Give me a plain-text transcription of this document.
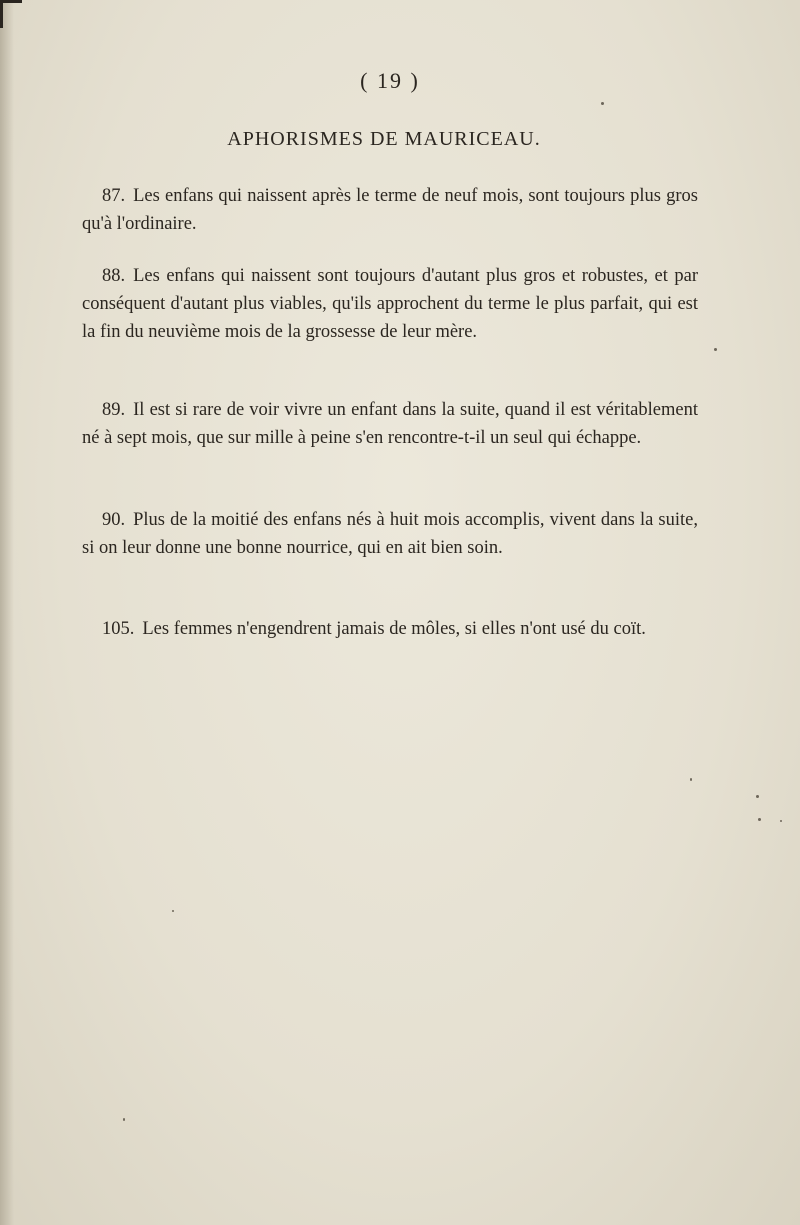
( 19 )
APHORISMES DE MAURICEAU.
87. Les enfans qui naissent après le terme de neuf mois, sont toujours plus gros qu'à l'ordinaire.
88. Les enfans qui naissent sont toujours d'autant plus gros et robustes, et par conséquent d'autant plus viables, qu'ils approchent du terme le plus parfait, qui est la fin du neuvième mois de la grossesse de leur mère.
89. Il est si rare de voir vivre un enfant dans la suite, quand il est véritablement né à sept mois, que sur mille à peine s'en rencontre-t-il un seul qui échappe.
90. Plus de la moitié des enfans nés à huit mois accomplis, vivent dans la suite, si on leur donne une bonne nourrice, qui en ait bien soin.
105. Les femmes n'engendrent jamais de môles, si elles n'ont usé du coït.
